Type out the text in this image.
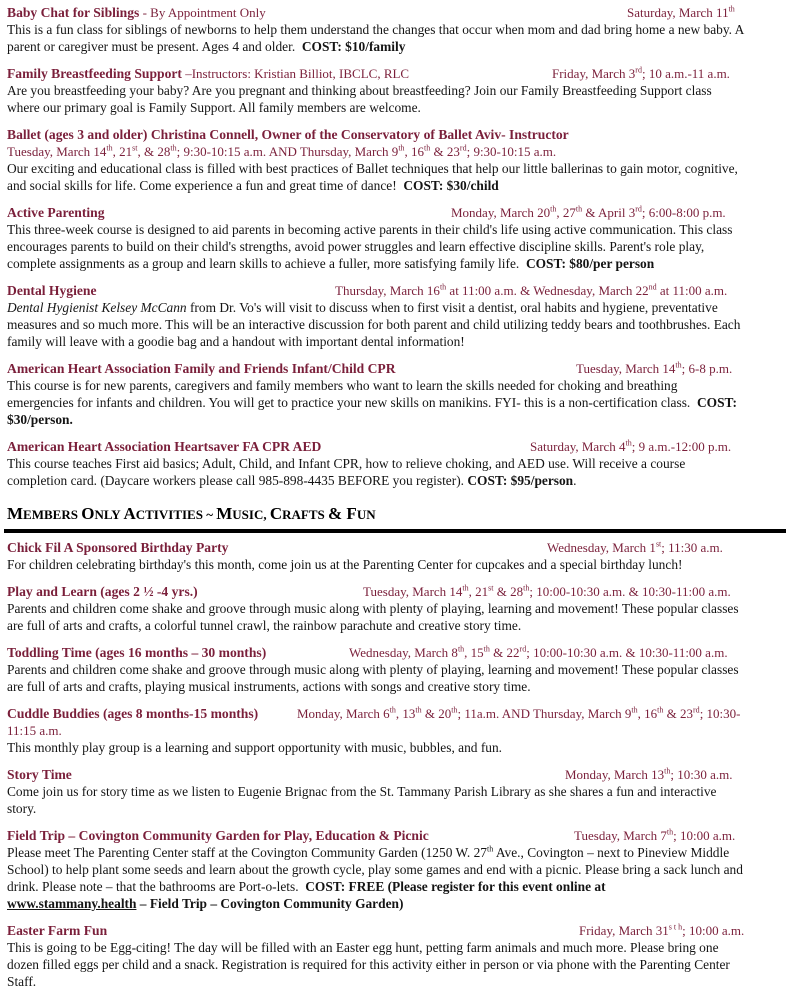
Baby Chat for Siblings - By Appointment Only	Saturday, March 11th

This is a fun class for siblings of newborns to help them understand the changes that occur when mom and dad bring home a new baby. A parent or caregiver must be present. Ages 4 and older. COST: $10/family

Family Breastfeeding Support –Instructors: Kristian Billiot, IBCLC, RLC	Friday, March 3rd; 10 a.m.-11 a.m.

Are you breastfeeding your baby? Are you pregnant and thinking about breastfeeding? Join our Family Breastfeeding Support class where our primary goal is Family Support. All family members are welcome.

Ballet (ages 3 and older) Christina Connell, Owner of the Conservatory of Ballet Aviv- Instructor
Tuesday, March 14th, 21st, & 28th; 9:30-10:15 a.m. AND Thursday, March 9th, 16th & 23rd; 9:30-10:15 a.m.

Our exciting and educational class is filled with best practices of Ballet techniques that help our little ballerinas to gain motor, cognitive, and social skills for life. Come experience a fun and great time of dance! COST: $30/child

Active Parenting	Monday, March 20th, 27th & April 3rd; 6:00-8:00 p.m.

This three-week course is designed to aid parents in becoming active parents in their child's life using active communication. This class encourages parents to build on their child's strengths, avoid power struggles and learn effective discipline skills. Parent's role play, complete assignments as a group and learn skills to achieve a fuller, more satisfying family life. COST: $80/per person

Dental Hygiene	Thursday, March 16th at 11:00 a.m. & Wednesday, March 22nd at 11:00 a.m.

Dental Hygienist Kelsey McCann from Dr. Vo's will visit to discuss when to first visit a dentist, oral habits and hygiene, preventative measures and so much more. This will be an interactive discussion for both parent and child utilizing teddy bears and toothbrushes. Each family will leave with a goodie bag and a handout with important dental information!

American Heart Association Family and Friends Infant/Child CPR	Tuesday, March 14th; 6-8 p.m.

This course is for new parents, caregivers and family members who want to learn the skills needed for choking and breathing emergencies for infants and children. You will get to practice your new skills on manikins. FYI- this is a non-certification class. COST: $30/person.

American Heart Association Heartsaver FA CPR AED	Saturday, March 4th; 9 a.m.-12:00 p.m.

This course teaches First aid basics; Adult, Child, and Infant CPR, how to relieve choking, and AED use. Will receive a course completion card. (Daycare workers please call 985-898-4435 BEFORE you register). COST: $95/person.

MEMBERS ONLY ACTIVITIES ~ MUSIC, CRAFTS & FUN
Chick Fil A Sponsored Birthday Party	Wednesday, March 1st; 11:30 a.m.

For children celebrating birthday's this month, come join us at the Parenting Center for cupcakes and a special birthday lunch!

Play and Learn (ages 2 ½ -4 yrs.)	Tuesday, March 14th, 21st & 28th; 10:00-10:30 a.m. & 10:30-11:00 a.m.

Parents and children come shake and groove through music along with plenty of playing, learning and movement! These popular classes are full of arts and crafts, a colorful tunnel crawl, the rainbow parachute and creative story time.

Toddling Time (ages 16 months – 30 months)	Wednesday, March 8th, 15th & 22rd; 10:00-10:30 a.m. & 10:30-11:00 a.m.

Parents and children come shake and groove through music along with plenty of playing, learning and movement! These popular classes are full of arts and crafts, playing musical instruments, actions with songs and creative story time.

Cuddle Buddies (ages 8 months-15 months)	Monday, March 6th, 13th & 20th; 11a.m. AND Thursday, March 9th, 16th & 23rd; 10:30-
11:15 a.m.

This monthly play group is a learning and support opportunity with music, bubbles, and fun.

Story Time	Monday, March 13th; 10:30 a.m.

Come join us for story time as we listen to Eugenie Brignac from the St. Tammany Parish Library as she shares a fun and interactive story.

Field Trip – Covington Community Garden for Play, Education & Picnic	Tuesday, March 7th; 10:00 a.m.

Please meet The Parenting Center staff at the Covington Community Garden (1250 W. 27th Ave., Covington – next to Pineview Middle School) to help plant some seeds and learn about the growth cycle, play some games and end with a picnic. Please bring a sack lunch and drink. Please note – that the bathrooms are Port-o-lets. COST: FREE (Please register for this event online at
www.stammany.health – Field Trip – Covington Community Garden)

Easter Farm Fun	Friday, March $31^{s t h}$; 10:00 a.m.

This is going to be Egg-citing! The day will be filled with an Easter egg hunt, petting farm animals and much more. Please bring one dozen filled eggs per child and a snack. Registration is required for this activity either in person or via phone with the Parenting Center Staff.
